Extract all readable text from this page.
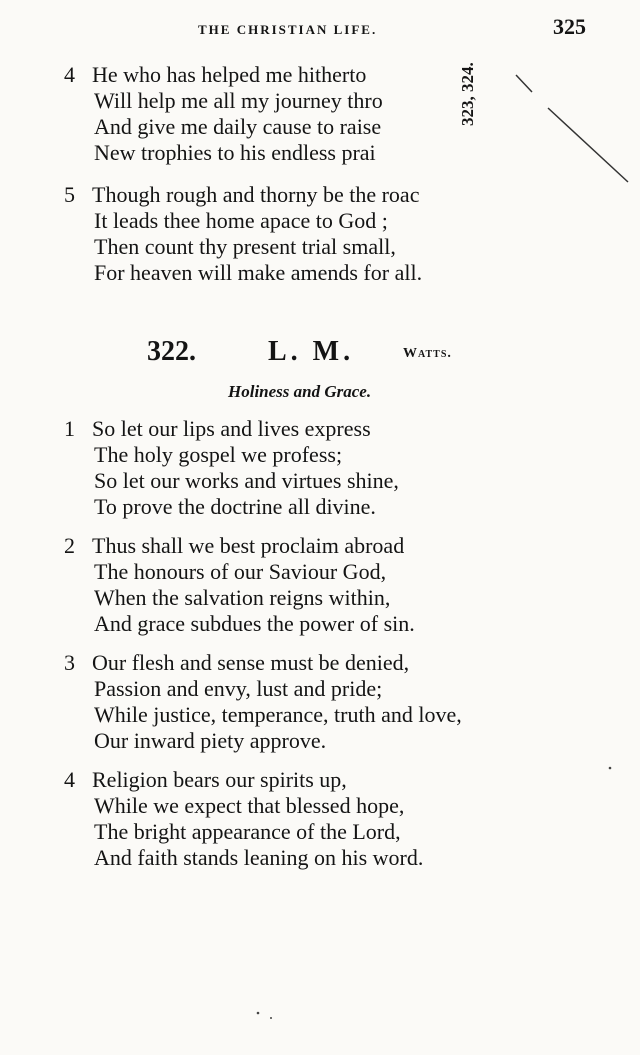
THE CHRISTIAN LIFE.	325
323, 324.
4 He who has helped me hitherto
Will help me all my journey thro
And give me daily cause to raise
New trophies to his endless prai
5 Though rough and thorny be the roac
It leads thee home apace to God ;
Then count thy present trial small,
For heaven will make amends for all.
322.	L. M.	Watts.
Holiness and Grace.
1 So let our lips and lives express
The holy gospel we profess;
So let our works and virtues shine,
To prove the doctrine all divine.
2 Thus shall we best proclaim abroad
The honours of our Saviour God,
When the salvation reigns within,
And grace subdues the power of sin.
3 Our flesh and sense must be denied,
Passion and envy, lust and pride;
While justice, temperance, truth and love,
Our inward piety approve.
4 Religion bears our spirits up,
While we expect that blessed hope,
The bright appearance of the Lord,
And faith stands leaning on his word.
